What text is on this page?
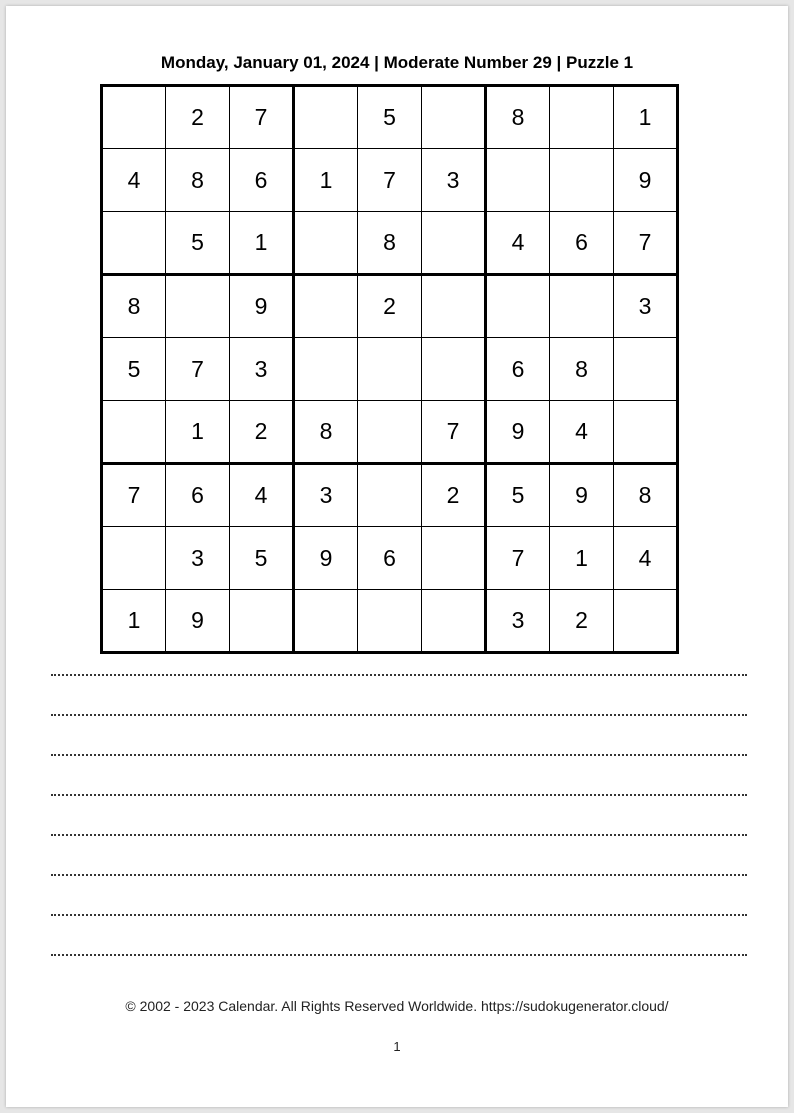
Monday, January 01, 2024 | Moderate Number 29 | Puzzle 1
	2	7		5		8		1
4	8	6	1	7	3			9
	5	1		8		4	6	7
8		9		2				3
5	7	3				6	8	
	1	2	8		7	9	4	
7	6	4	3		2	5	9	8
	3	5	9	6		7	1	4
1	9					3	2	

© 2002 - 2023 Calendar. All Rights Reserved Worldwide. https://sudokugenerator.cloud/

1
